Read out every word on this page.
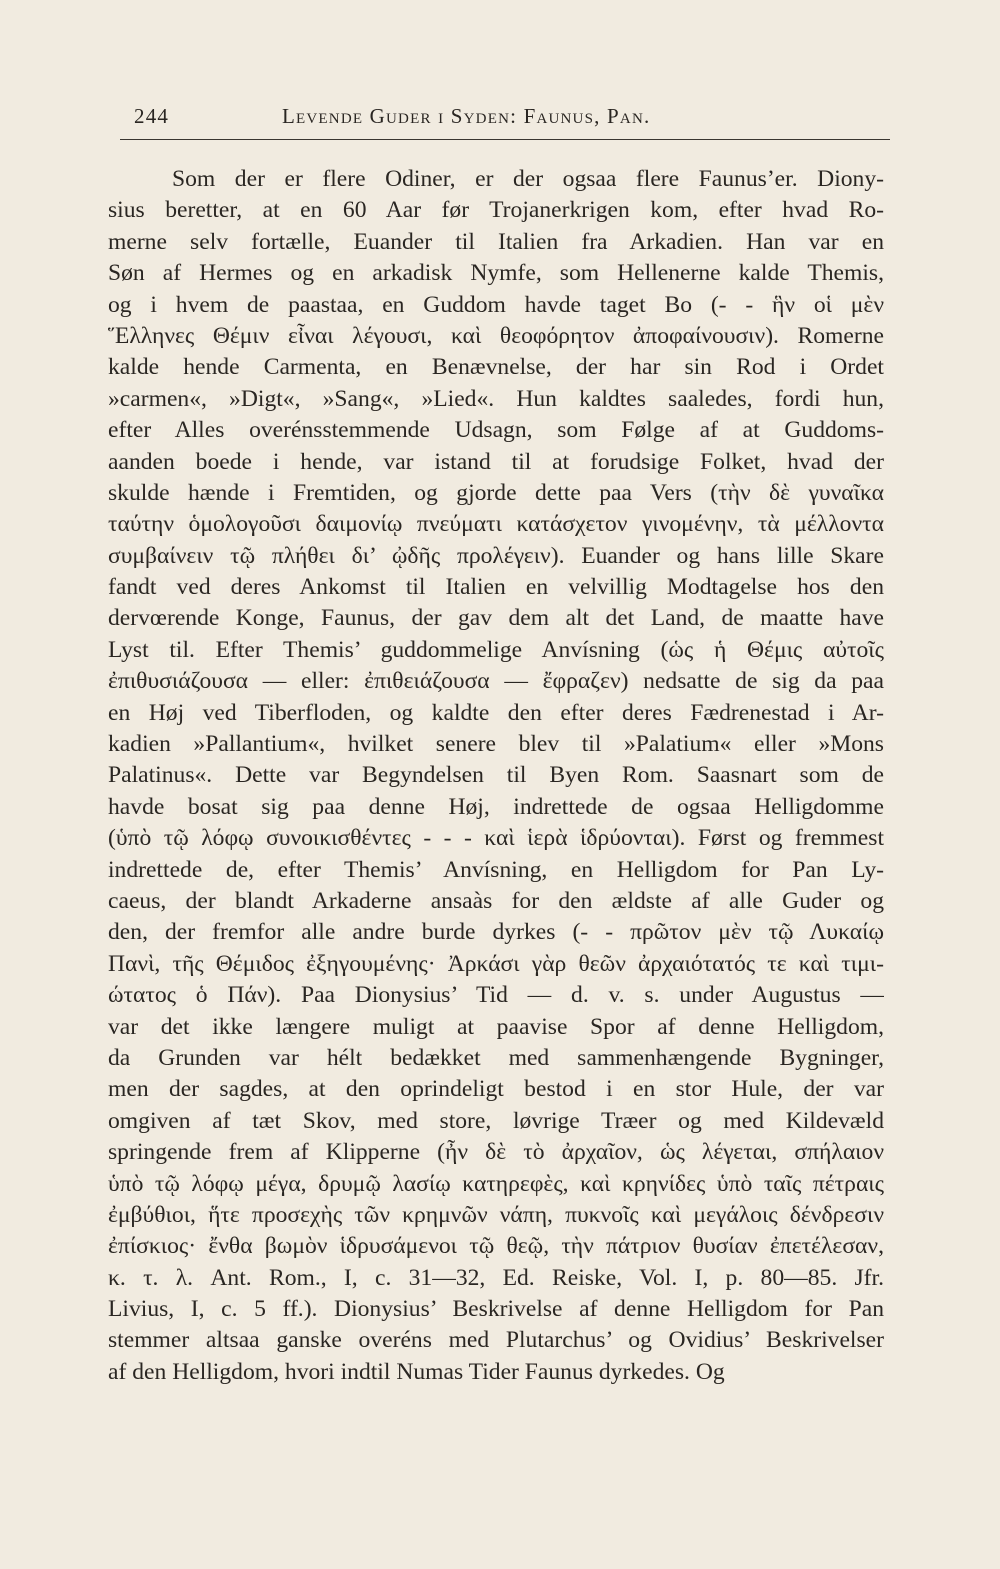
244	Levende Guder i Syden: Faunus, Pan.
Som der er flere Odiner, er der ogsaa flere Faunus’er. Diony-
sius beretter, at en 60 Aar før Trojanerkrigen kom, efter hvad Ro-
merne selv fortælle, Euander til Italien fra Arkadien. Han var en
Søn af Hermes og en arkadisk Nymfe, som Hellenerne kalde Themis,
og i hvem de paastaa, en Guddom havde taget Bo (- - ἣν οἱ μὲν
Ἕλληνες Θέμιν εἶναι λέγουσι, καὶ θεοφόρητον ἀποφαίνουσιν). Romerne
kalde hende Carmenta, en Benævnelse, der har sin Rod i Ordet
»carmen«, »Digt«, »Sang«, »Lied«. Hun kaldtes saaledes, fordi hun,
efter Alles overénsstemmende Udsagn, som Følge af at Guddoms-
aanden boede i hende, var istand til at forudsige Folket, hvad der
skulde hænde i Fremtiden, og gjorde dette paa Vers (τὴν δὲ γυναῖκα
ταύτην ὁμολογοῦσι δαιμονίῳ πνεύματι κατάσχετον γινομένην, τὰ μέλλοντα
συμβαίνειν τῷ πλήθει δι’ ᾠδῆς προλέγειν). Euander og hans lille Skare
fandt ved deres Ankomst til Italien en velvillig Modtagelse hos den
dervœrende Konge, Faunus, der gav dem alt det Land, de maatte have
Lyst til. Efter Themis’ guddommelige Anvísning (ὡς ἡ Θέμις αὐτοῖς
ἐπιθυσιάζουσα — eller: ἐπιθειάζουσα — ἔφραζεν) nedsatte de sig da paa
en Høj ved Tiberfloden, og kaldte den efter deres Fædrenestad i Ar-
kadien »Pallantium«, hvilket senere blev til »Palatium« eller »Mons
Palatinus«. Dette var Begyndelsen til Byen Rom. Saasnart som de
havde bosat sig paa denne Høj, indrettede de ogsaa Helligdomme
(ὑπὸ τῷ λόφῳ συνοικισθέντες - - - καὶ ἱερὰ ἱδρύονται). Først og fremmest
indrettede de, efter Themis’ Anvísning, en Helligdom for Pan Ly-
caeus, der blandt Arkaderne ansaàs for den ældste af alle Guder og
den, der fremfor alle andre burde dyrkes (- - πρῶτον μὲν τῷ Λυκαίῳ
Πανὶ, τῆς Θέμιδος ἐξηγουμένης· Ἀρκάσι γὰρ θεῶν ἀρχαιότατός τε καὶ τιμι-
ώτατος ὁ Πάν). Paa Dionysius’ Tid — d. v. s. under Augustus —
var det ikke længere muligt at paavise Spor af denne Helligdom,
da Grunden var hélt bedækket med sammenhængende Bygninger,
men der sagdes, at den oprindeligt bestod i en stor Hule, der var
omgiven af tæt Skov, med store, løvrige Træer og med Kildevæld
springende frem af Klipperne (ἦν δὲ τὸ ἀρχαῖον, ὡς λέγεται, σπήλαιον
ὑπὸ τῷ λόφῳ μέγα, δρυμῷ λασίῳ κατηρεφὲς, καὶ κρηνίδες ὑπὸ ταῖς πέτραις
ἐμβύθιοι, ἥτε προσεχὴς τῶν κρημνῶν νάπη, πυκνοῖς καὶ μεγάλοις δένδρεσιν
ἐπίσκιος· ἔνθα βωμὸν ἱδρυσάμενοι τῷ θεῷ, τὴν πάτριον θυσίαν ἐπετέλεσαν,
κ. τ. λ. Ant. Rom., I, c. 31—32, Ed. Reiske, Vol. I, p. 80—85. Jfr.
Livius, I, c. 5 ff.). Dionysius’ Beskrivelse af denne Helligdom for Pan
stemmer altsaa ganske overéns med Plutarchus’ og Ovidius’ Beskrivelser
af den Helligdom, hvori indtil Numas Tider Faunus dyrkedes. Og
